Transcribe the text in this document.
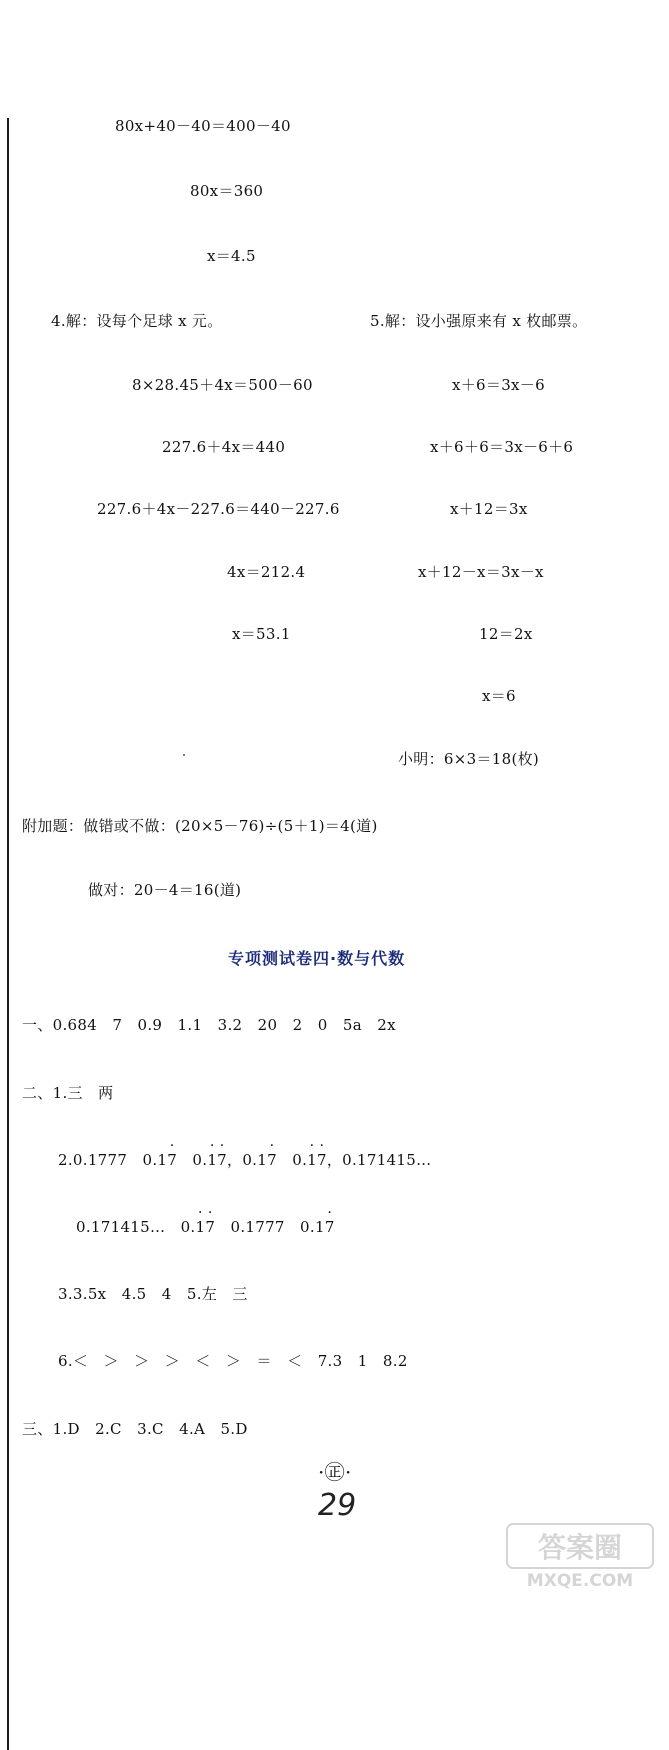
80x+40－40＝400－40
80x＝360
x＝4.5
4.解：设每个足球 x 元。	5.解：设小强原来有 x 枚邮票。
8×28.45＋4x＝500－60
227.6＋4x＝440
227.6＋4x－227.6＝440－227.6
4x＝212.4
x＝53.1
x＋6＝3x－6
x＋6＋6＝3x－6＋6
x＋12＝3x
x＋12－x＝3x－x
12＝2x
x＝6
小明：6×3＝18(枚)
附加题：做错或不做：(20×5－76)÷(5＋1)＝4(道)
做对：20－4＝16(道)
专项测试卷四·数与代数
一、0.684　7　0.9　1.1　3.2　20　2　0　5a　2x
二、1.三　两
2.0.1777　0.1· 7　0.· 1· 7，0.1· 7　0.· 1· 7，0.171415…
0.171415…　0.· 1· 7　0.1777　0.1· 7
3.3.5x　4.5　4　5.左　三
6.＜　＞　＞　＞　＜　＞　＝　＜　7.3　1　8.2
三、1.D　2.C　3.C　4.A　5.D
·㊣·
29
答案圈
MXQE.COM
